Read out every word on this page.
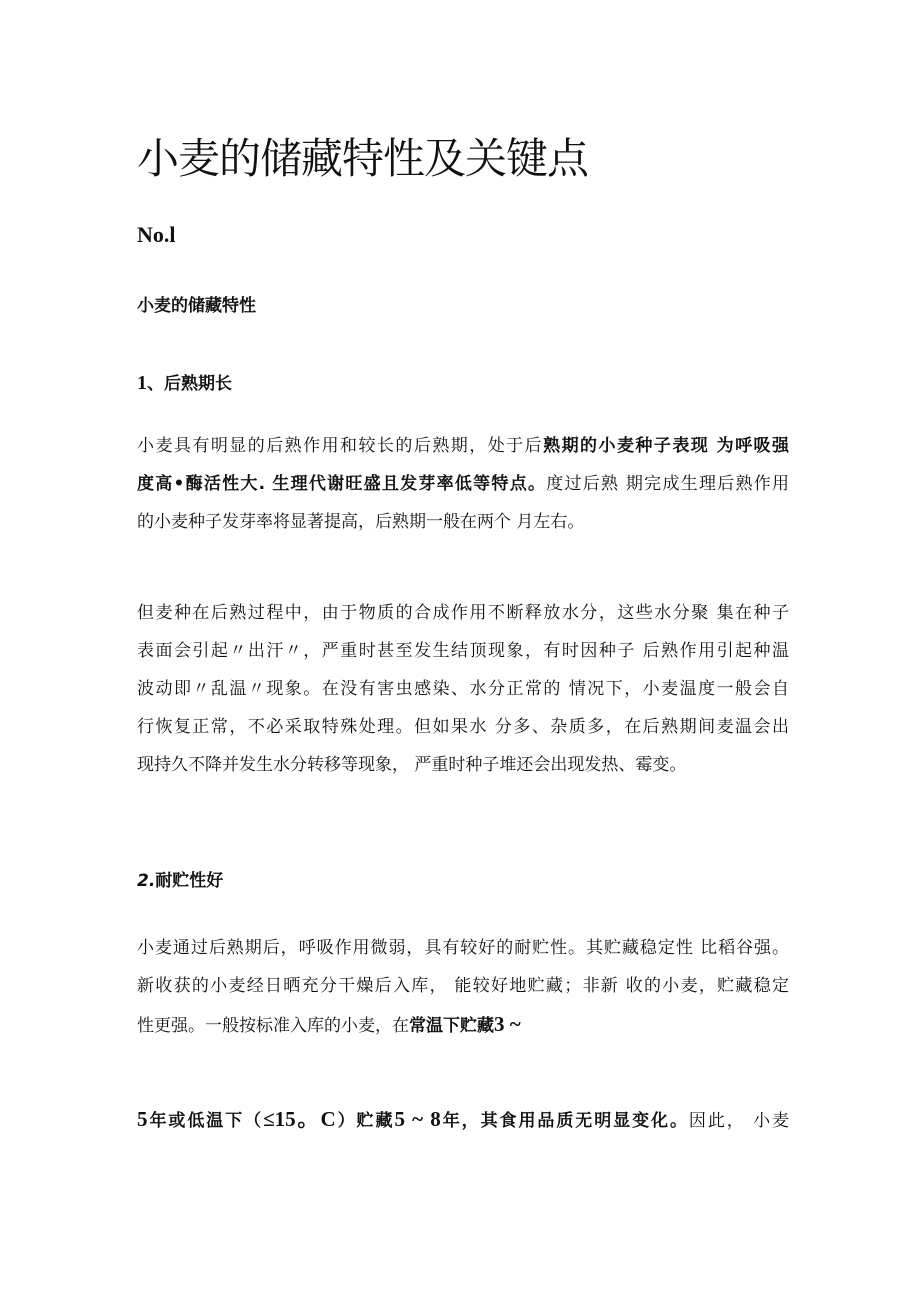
小麦的储藏特性及关键点
No.l
小麦的储藏特性
1、后熟期长
小麦具有明显的后熟作用和较长的后熟期，处于后熟期的小麦种子表现 为呼吸强
度高•酶活性大. 生理代谢旺盛且发芽率低等特点。度过后熟 期完成生理后熟作用
的小麦种子发芽率将显著提高，后熟期一般在两个 月左右。
但麦种在后熟过程中，由于物质的合成作用不断释放水分，这些水分聚 集在种子
表面会引起〃出汗〃，严重时甚至发生结顶现象，有时因种子 后熟作用引起种温
波动即〃乱温〃现象。在没有害虫感染、水分正常的 情况下，小麦温度一般会自
行恢复正常，不必采取特殊处理。但如果水 分多、杂质多，在后熟期间麦温会出
现持久不降并发生水分转移等现象， 严重时种子堆还会出现发热、霉变。
2.耐贮性好
小麦通过后熟期后，呼吸作用微弱，具有较好的耐贮性。其贮藏稳定性 比稻谷强。
新收获的小麦经日晒充分干燥后入库， 能较好地贮藏；非新 收的小麦，贮藏稳定
性更强。一般按标准入库的小麦，在常温下贮藏3 ~
5年或低温下（≤15。C）贮藏5 ~ 8年，其食用品质无明显变化。因此， 小麦
